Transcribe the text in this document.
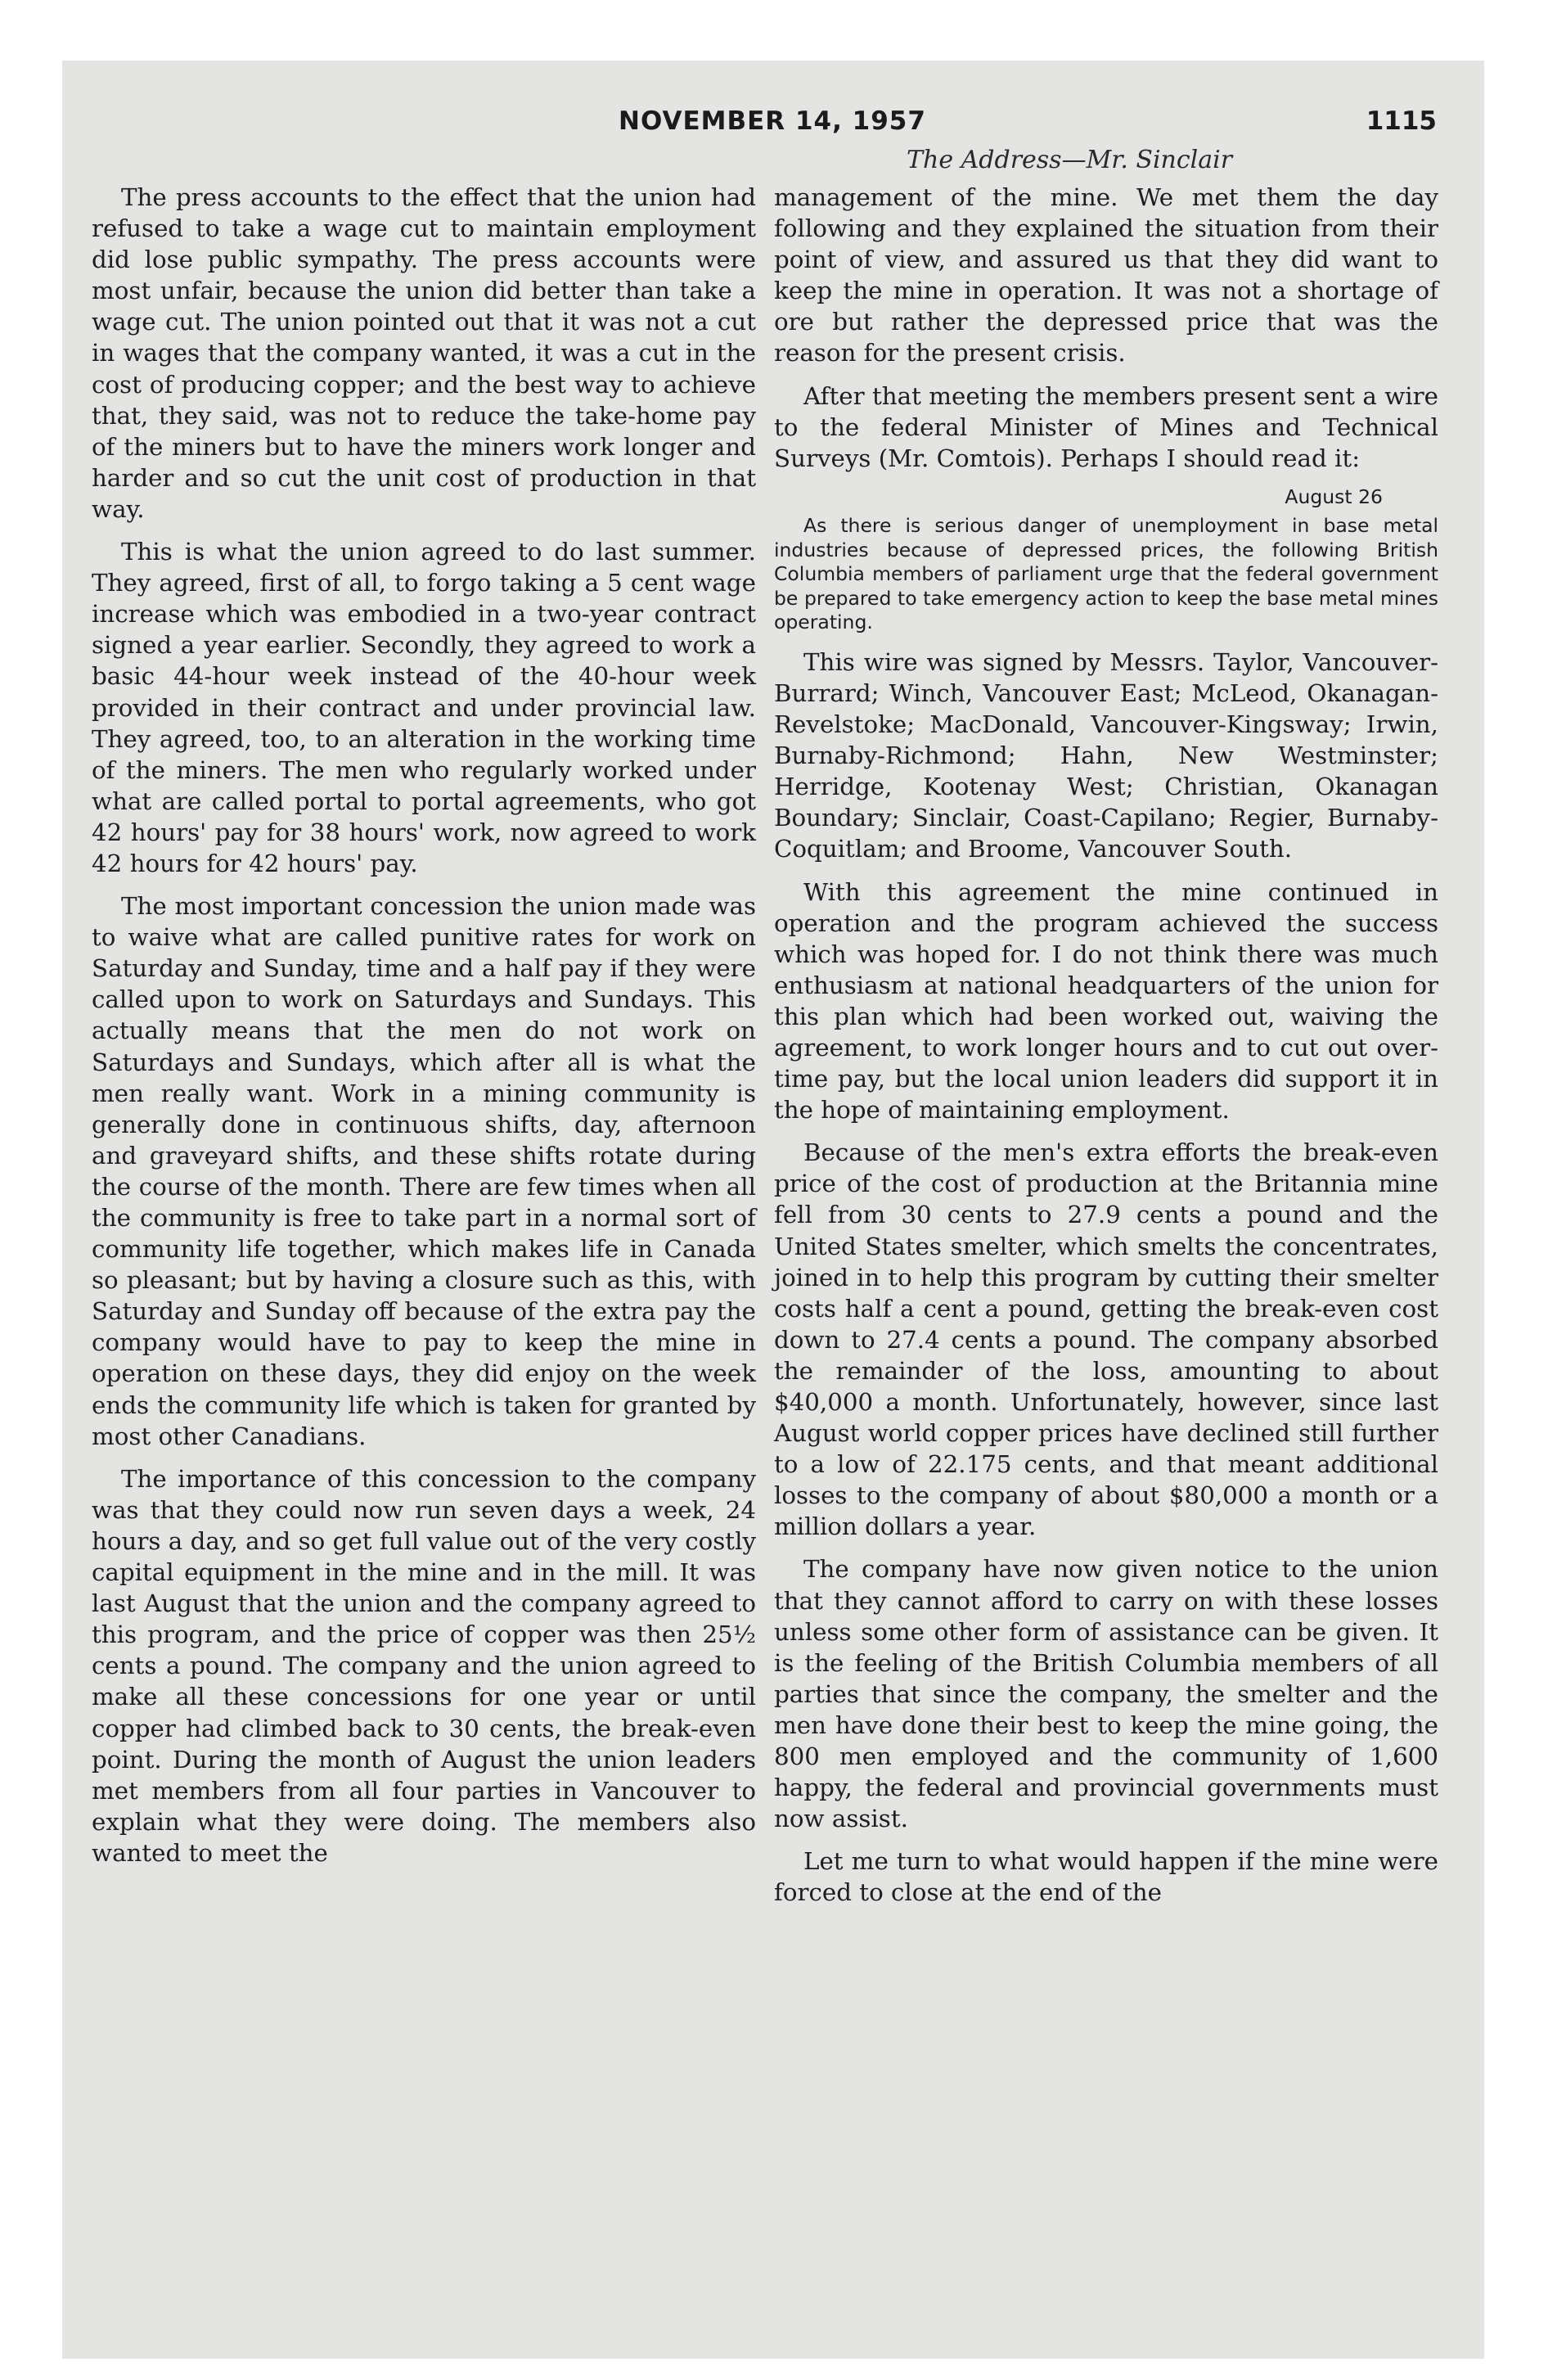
NOVEMBER 14, 1957	1115
The Address—Mr. Sinclair

The press accounts to the effect that the union had refused to take a wage cut to maintain employment did lose public sympathy. The press accounts were most unfair, because the union did better than take a wage cut. The union pointed out that it was not a cut in wages that the company wanted, it was a cut in the cost of producing copper; and the best way to achieve that, they said, was not to reduce the take-home pay of the miners but to have the miners work longer and harder and so cut the unit cost of production in that way.

This is what the union agreed to do last summer. They agreed, first of all, to forgo taking a 5 cent wage increase which was embodied in a two-year contract signed a year earlier. Secondly, they agreed to work a basic 44-hour week instead of the 40-hour week provided in their contract and under provincial law. They agreed, too, to an alteration in the working time of the miners. The men who regularly worked under what are called portal to portal agreements, who got 42 hours' pay for 38 hours' work, now agreed to work 42 hours for 42 hours' pay.

The most important concession the union made was to waive what are called punitive rates for work on Saturday and Sunday, time and a half pay if they were called upon to work on Saturdays and Sundays. This actually means that the men do not work on Saturdays and Sundays, which after all is what the men really want. Work in a mining community is generally done in continuous shifts, day, afternoon and graveyard shifts, and these shifts rotate during the course of the month. There are few times when all the community is free to take part in a normal sort of community life together, which makes life in Canada so pleasant; but by having a closure such as this, with Saturday and Sunday off because of the extra pay the company would have to pay to keep the mine in operation on these days, they did enjoy on the week ends the community life which is taken for granted by most other Canadians.

The importance of this concession to the company was that they could now run seven days a week, 24 hours a day, and so get full value out of the very costly capital equipment in the mine and in the mill. It was last August that the union and the company agreed to this program, and the price of copper was then 25½ cents a pound. The company and the union agreed to make all these concessions for one year or until copper had climbed back to 30 cents, the break-even point. During the month of August the union leaders met members from all four parties in Vancouver to explain what they were doing. The members also wanted to meet the

management of the mine. We met them the day following and they explained the situation from their point of view, and assured us that they did want to keep the mine in operation. It was not a shortage of ore but rather the depressed price that was the reason for the present crisis.

After that meeting the members present sent a wire to the federal Minister of Mines and Technical Surveys (Mr. Comtois). Perhaps I should read it:

August 26
As there is serious danger of unemployment in base metal industries because of depressed prices, the following British Columbia members of parliament urge that the federal government be prepared to take emergency action to keep the base metal mines operating.

This wire was signed by Messrs. Taylor, Vancouver-Burrard; Winch, Vancouver East; McLeod, Okanagan-Revelstoke; MacDonald, Vancouver-Kingsway; Irwin, Burnaby-Richmond; Hahn, New Westminster; Herridge, Kootenay West; Christian, Okanagan Boundary; Sinclair, Coast-Capilano; Regier, Burnaby-Coquitlam; and Broome, Vancouver South.

With this agreement the mine continued in operation and the program achieved the success which was hoped for. I do not think there was much enthusiasm at national headquarters of the union for this plan which had been worked out, waiving the agreement, to work longer hours and to cut out over-time pay, but the local union leaders did support it in the hope of maintaining employment.

Because of the men's extra efforts the break-even price of the cost of production at the Britannia mine fell from 30 cents to 27.9 cents a pound and the United States smelter, which smelts the concentrates, joined in to help this program by cutting their smelter costs half a cent a pound, getting the break-even cost down to 27.4 cents a pound. The company absorbed the remainder of the loss, amounting to about $40,000 a month. Unfortunately, however, since last August world copper prices have declined still further to a low of 22.175 cents, and that meant additional losses to the company of about $80,000 a month or a million dollars a year.

The company have now given notice to the union that they cannot afford to carry on with these losses unless some other form of assistance can be given. It is the feeling of the British Columbia members of all parties that since the company, the smelter and the men have done their best to keep the mine going, the 800 men employed and the community of 1,600 happy, the federal and provincial governments must now assist.

Let me turn to what would happen if the mine were forced to close at the end of the
